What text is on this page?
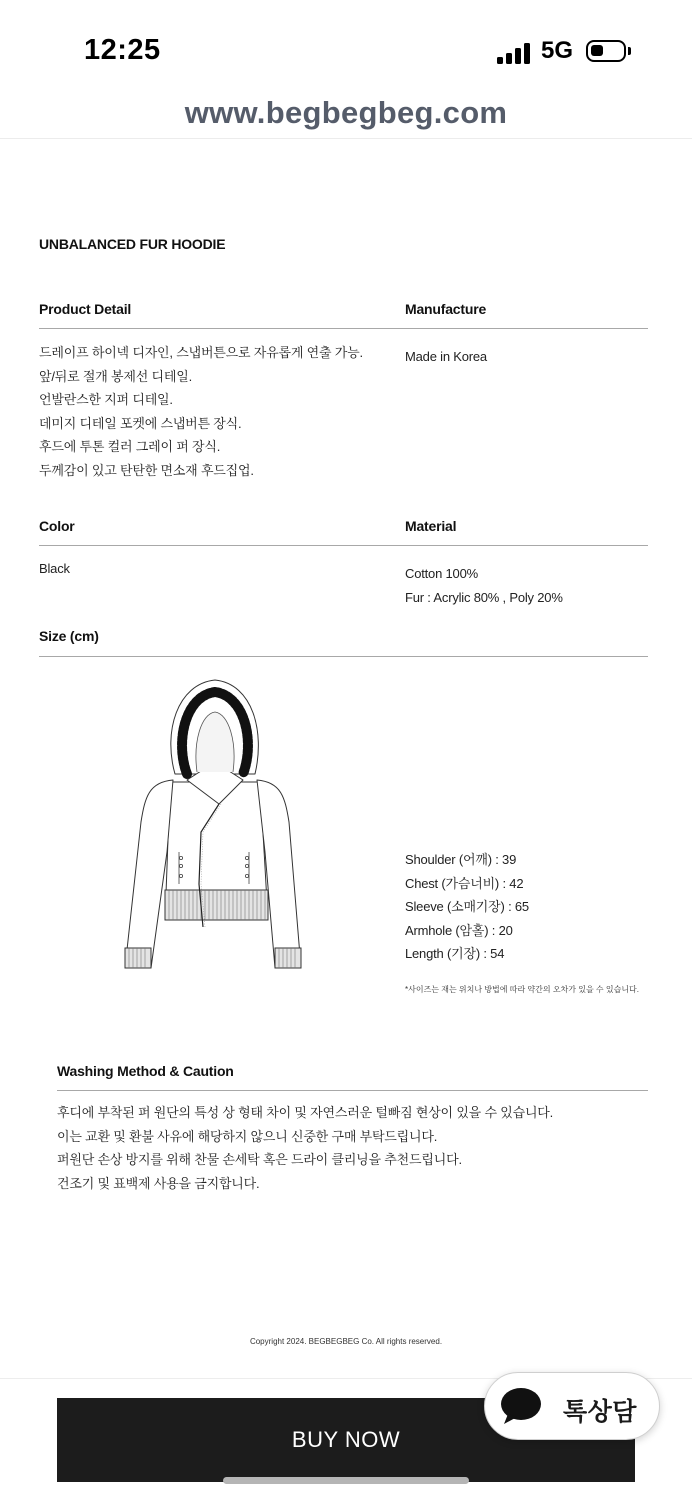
12:25	5G
www.begbegbeg.com
UNBALANCED FUR HOODIE
Product Detail	Manufacture
드레이프 하이넥 디자인, 스냅버튼으로 자유롭게 연출 가능.
앞/뒤로 절개 봉제선 디테일.
언발란스한 지퍼 디테일.
데미지 디테일 포켓에 스냅버튼 장식.
후드에 투톤 컬러 그레이 퍼 장식.
두께감이 있고 탄탄한 면소재 후드집업.
Made in Korea
Color	Material
Black	Cotton 100%
Fur : Acrylic 80% , Poly 20%
Size (cm)
Shoulder (어깨) : 39
Chest (가슴너비) : 42
Sleeve (소매기장) : 65
Armhole (암홀) : 20
Length (기장) : 54
*사이즈는 재는 위치나 방법에 따라 약간의 오차가 있을 수 있습니다.
Washing Method & Caution
후디에 부착된 퍼 원단의 특성 상 형태 차이 및 자연스러운 털빠짐 현상이 있을 수 있습니다.
이는 교환 및 환불 사유에 해당하지 않으니 신중한 구매 부탁드립니다.
퍼원단 손상 방지를 위해 찬물 손세탁 혹은 드라이 클리닝을 추천드립니다.
건조기 및 표백제 사용을 금지합니다.
Copyright 2024. BEGBEGBEG Co. All rights reserved.
BUY NOW
톡상담
